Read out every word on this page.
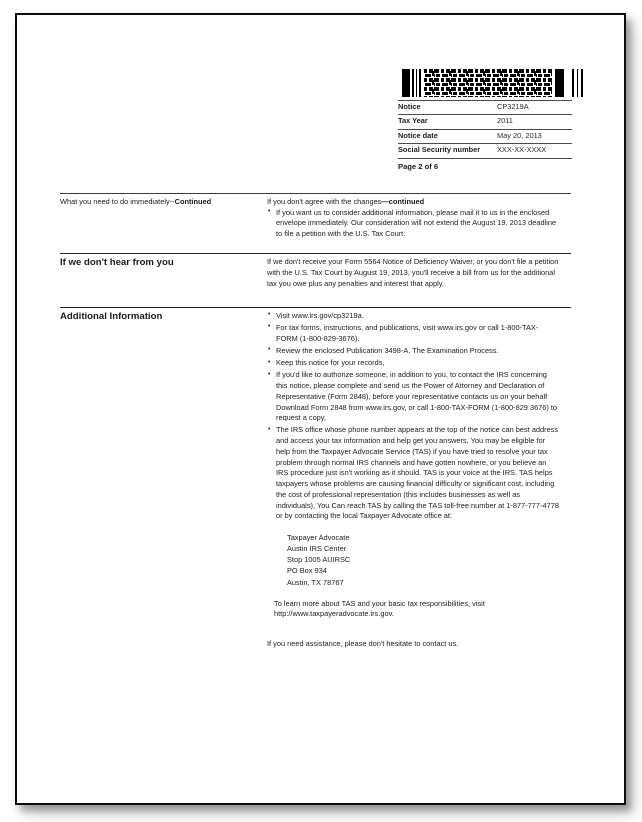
Notice	CP3219A
Tax Year	2011
Notice date	May 20, 2013
Social Security number	XXX-XX-XXXX
Page 2 of 6
What you need to do immediately--Continued	If you don't agree with the changes—continued
• If you want us to consider additional information, please mail it to us in the enclosed envelope immediately. Our consideration will not extend the August 19, 2013 deadline to file a petition with the U.S. Tax Court.
If we don't hear from you	If we don't receive your Form 5564 Notice of Deficiency Waiver, or you don't file a petition with the U.S. Tax Court by August 19, 2013, you'll receive a bill from us for the additional tax you owe plus any penalties and interest that apply.
Additional Information	• Visit www.irs.gov/cp3219a.
• For tax forms, instructions, and publications, visit www.irs.gov or call 1-800-TAX-FORM (1-800-829-3676).
• Review the enclosed Publication 3498-A, The Examination Process.
• Keep this notice for your records,
• If you'd like to authorize someone, in addition to you, to contact the IRS concerning this notice, please complete and send us the Power of Attorney and Declaration of Representative (Form 2848), before your representative contacts us on your behalf Download Form 2848 from www.irs.gov, or call 1-800-TAX-FORM (1-800-829 3676) to request a copy,
• The IRS office whose phone number appears at the top of the notice can best address and access your tax information and help get you answers, You may be eligible for help from the Taxpayer Advocate Service (TAS) if you have tried to resolve your tax problem through normal IRS channels and have gotten nowhere, or you believe an IRS procedure just isn't working as it should. TAS is your voice at the IRS. TAS helps taxpayers whose problems are causing financial difficulty or significant cost, including the cost of professional representation (this includes businesses as well as individuals), You Can reach TAS by calling the TAS toll-free number at 1-877-777-4778 or by contacting the local Taxpayer Advocate office at:
Taxpayer Advocate
Austin IRS Center
Stop 1005 AUIRSC
PO Box 934
Austin, TX 78767
To learn more about TAS and your basic tax responsibilities, visit http://www.taxpayeradvocate.irs.gov.
If you need assistance, please don't hesitate to contact us.
